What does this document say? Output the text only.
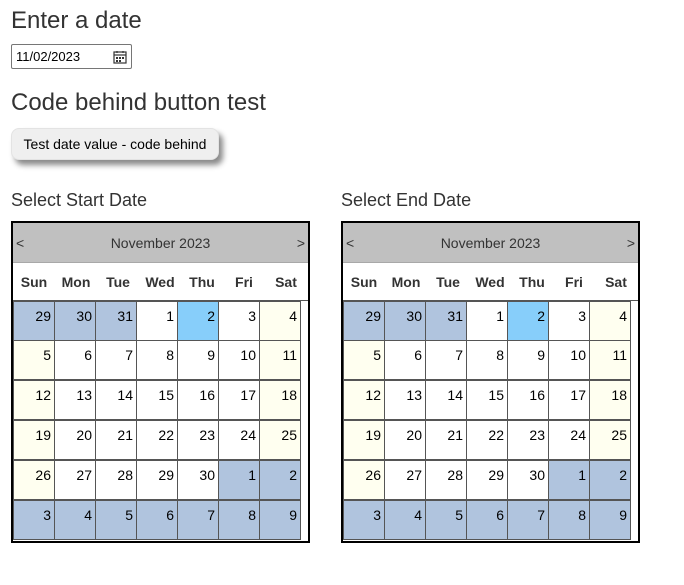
Enter a date
11/02/2023
Code behind button test
Test date value - code behind
Select Start Date
<	November 2023	>
Sun	Mon	Tue	Wed	Thu	Fri	Sat
29	30	31	1	2	3	4
5	6	7	8	9	10	11
12	13	14	15	16	17	18
19	20	21	22	23	24	25
26	27	28	29	30	1	2
3	4	5	6	7	8	9
Select End Date
<	November 2023	>
Sun	Mon	Tue	Wed	Thu	Fri	Sat
29	30	31	1	2	3	4
5	6	7	8	9	10	11
12	13	14	15	16	17	18
19	20	21	22	23	24	25
26	27	28	29	30	1	2
3	4	5	6	7	8	9
